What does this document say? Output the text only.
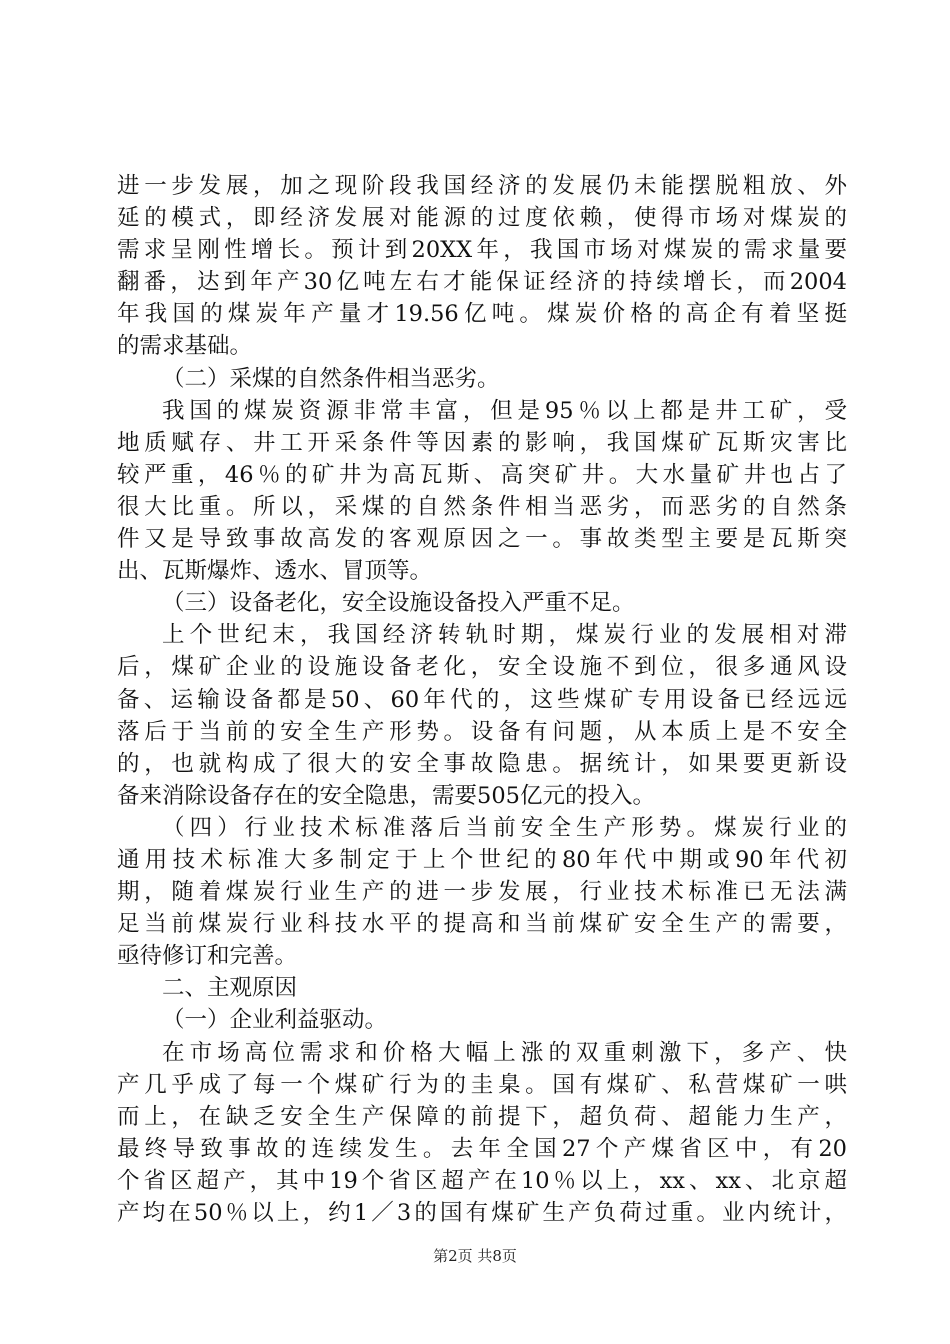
进一步发展，加之现阶段我国经济的发展仍未能摆脱粗放、外
延的模式，即经济发展对能源的过度依赖，使得市场对煤炭的
需求呈刚性增长。预计到20XX年，我国市场对煤炭的需求量要
翻番，达到年产30亿吨左右才能保证经济的持续增长，而2004
年我国的煤炭年产量才19.56亿吨。煤炭价格的高企有着坚挺
的需求基础。
（二）采煤的自然条件相当恶劣。
我国的煤炭资源非常丰富，但是95％以上都是井工矿，受
地质赋存、井工开采条件等因素的影响，我国煤矿瓦斯灾害比
较严重，46％的矿井为高瓦斯、高突矿井。大水量矿井也占了
很大比重。所以，采煤的自然条件相当恶劣，而恶劣的自然条
件又是导致事故高发的客观原因之一。事故类型主要是瓦斯突
出、瓦斯爆炸、透水、冒顶等。
（三）设备老化，安全设施设备投入严重不足。
上个世纪末，我国经济转轨时期，煤炭行业的发展相对滞
后，煤矿企业的设施设备老化，安全设施不到位，很多通风设
备、运输设备都是50、60年代的，这些煤矿专用设备已经远远
落后于当前的安全生产形势。设备有问题，从本质上是不安全
的，也就构成了很大的安全事故隐患。据统计，如果要更新设
备来消除设备存在的安全隐患，需要505亿元的投入。
（四）行业技术标准落后当前安全生产形势。煤炭行业的
通用技术标准大多制定于上个世纪的80年代中期或90年代初
期，随着煤炭行业生产的进一步发展，行业技术标准已无法满
足当前煤炭行业科技水平的提高和当前煤矿安全生产的需要，
亟待修订和完善。
二、主观原因
（一）企业利益驱动。
在市场高位需求和价格大幅上涨的双重刺激下，多产、快
产几乎成了每一个煤矿行为的圭臬。国有煤矿、私营煤矿一哄
而上，在缺乏安全生产保障的前提下，超负荷、超能力生产，
最终导致事故的连续发生。去年全国27个产煤省区中，有20
个省区超产，其中19个省区超产在10％以上，xx、xx、北京超
产均在50％以上，约1／3的国有煤矿生产负荷过重。业内统计，
第2页 共8页
